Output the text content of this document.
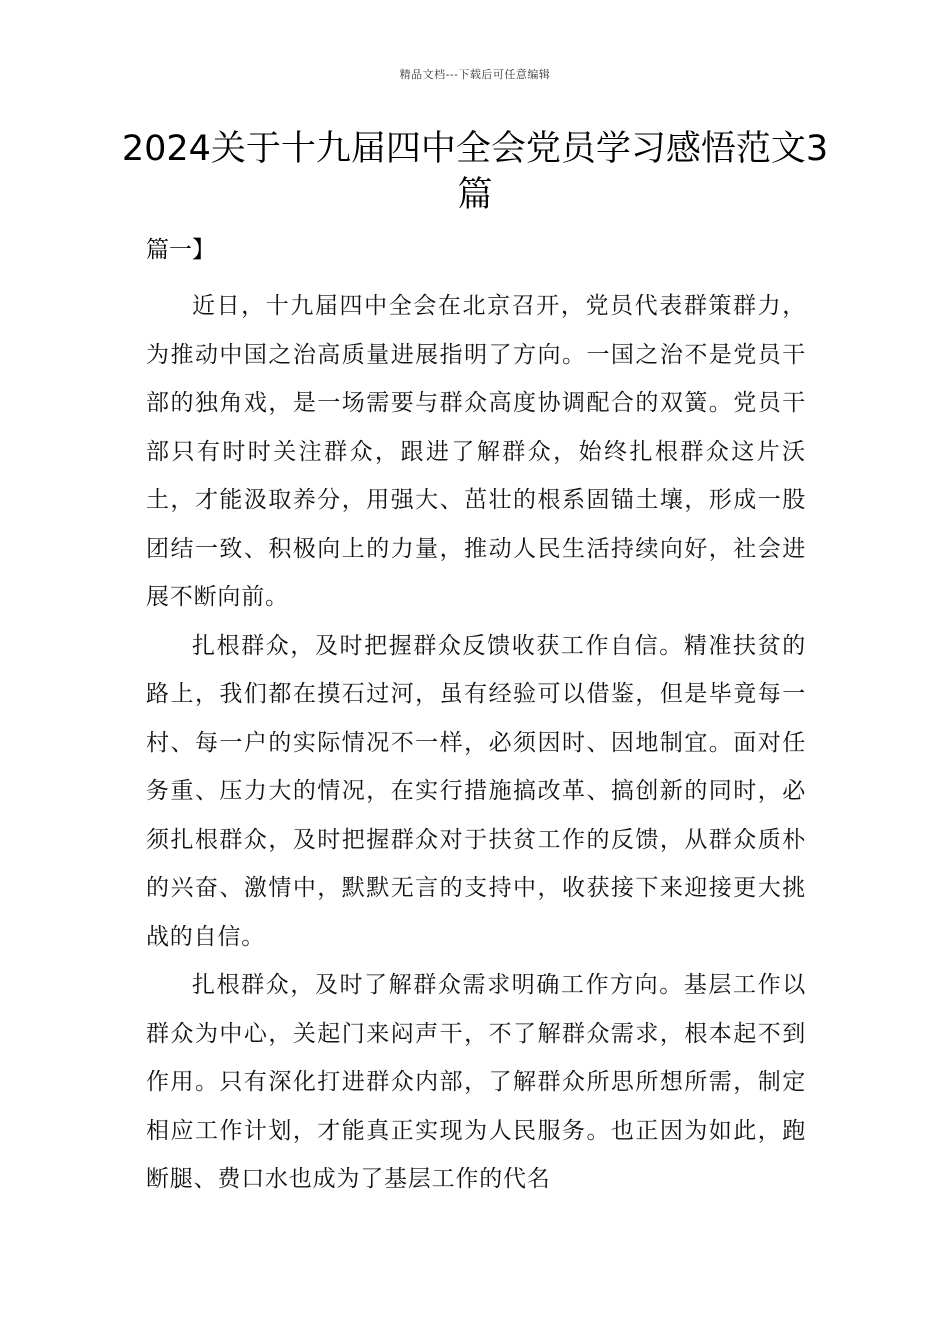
精品文档---下载后可任意编辑
2024关于十九届四中全会党员学习感悟范文3篇
篇一】

近日，十九届四中全会在北京召开，党员代表群策群力，为推动中国之治高质量进展指明了方向。一国之治不是党员干部的独角戏，是一场需要与群众高度协调配合的双簧。党员干部只有时时关注群众，跟进了解群众，始终扎根群众这片沃土，才能汲取养分，用强大、茁壮的根系固锚土壤，形成一股团结一致、积极向上的力量，推动人民生活持续向好，社会进展不断向前。

扎根群众，及时把握群众反馈收获工作自信。精准扶贫的路上，我们都在摸石过河，虽有经验可以借鉴，但是毕竟每一村、每一户的实际情况不一样，必须因时、因地制宜。面对任务重、压力大的情况，在实行措施搞改革、搞创新的同时，必须扎根群众，及时把握群众对于扶贫工作的反馈，从群众质朴的兴奋、激情中，默默无言的支持中，收获接下来迎接更大挑战的自信。

扎根群众，及时了解群众需求明确工作方向。基层工作以群众为中心，关起门来闷声干，不了解群众需求，根本起不到作用。只有深化打进群众内部，了解群众所思所想所需，制定相应工作计划，才能真正实现为人民服务。也正因为如此，跑断腿、费口水也成为了基层工作的代名
